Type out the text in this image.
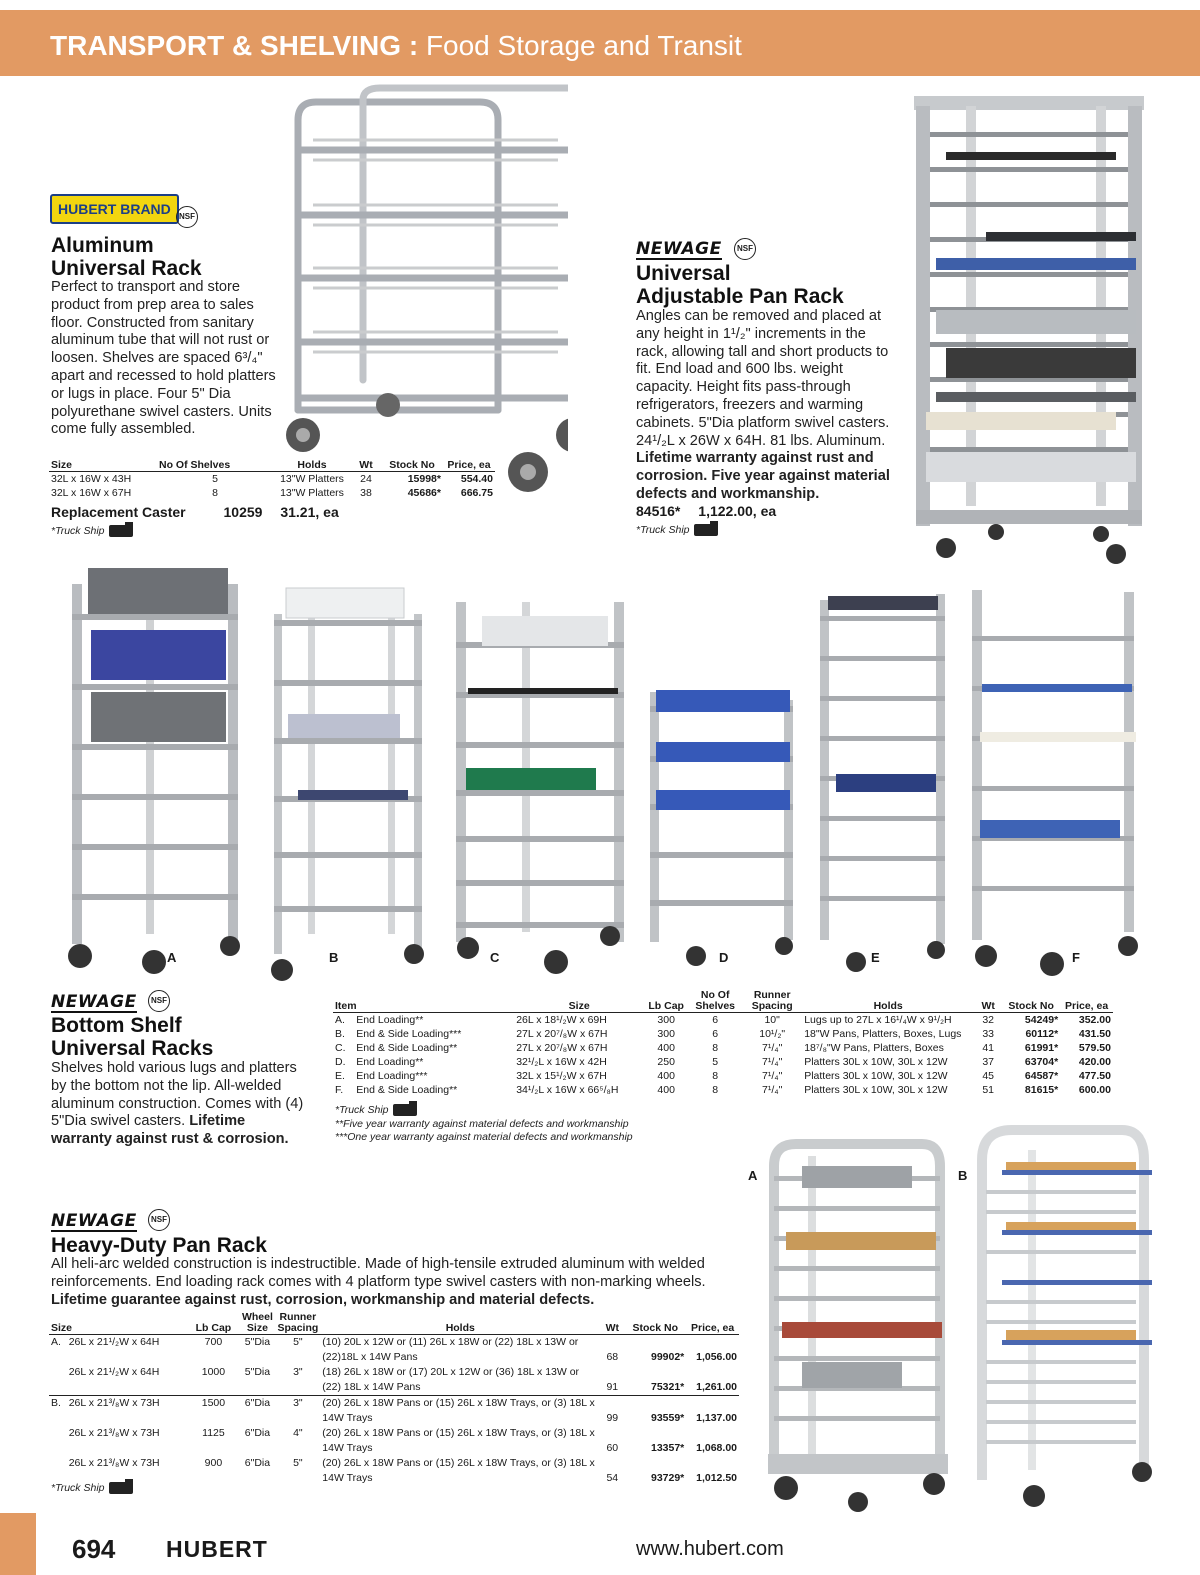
TRANSPORT & SHELVING : Food Storage and Transit
HUBERT BRAND	NSF
Aluminum
Universal Rack
Perfect to transport and store product from prep area to sales floor. Constructed from sanitary aluminum tube that will not rust or loosen. Shelves are spaced 6³/₄" apart and recessed to hold platters or lugs in place. Four 5" Dia polyurethane swivel casters. Units come fully assembled.
Size	No Of Shelves	Holds	Wt	Stock No	Price, ea
32L x 16W x 43H	5	13"W Platters	24	15998*	554.40
32L x 16W x 67H	8	13"W Platters	38	45686*	666.75
Replacement Caster	10259 31.21, ea
*Truck Ship
NEWAGE	NSF
Universal
Adjustable Pan Rack
Angles can be removed and placed at any height in 1¹/₂" increments in the rack, allowing tall and short products to fit. End load and 600 lbs. weight capacity. Height fits pass-through refrigerators, freezers and warming cabinets. 5"Dia platform swivel casters. 24¹/₂L x 26W x 64H. 81 lbs. Aluminum. Lifetime warranty against rust and corrosion. Five year against material defects and workmanship.
84516* 1,122.00, ea
*Truck Ship
A	B	C	D	E	F
NEWAGE	NSF
Bottom Shelf
Universal Racks
Shelves hold various lugs and platters by the bottom not the lip. All-welded aluminum construction. Comes with (4) 5"Dia swivel casters. Lifetime warranty against rust & corrosion.
Item		Size	Lb Cap	No Of Shelves	Runner Spacing	Holds	Wt	Stock No	Price, ea
A.	End Loading**	26L x 18¹/₂W x 69H	300	6	10"	Lugs up to 27L x 16¹/₄W x 9¹/₂H	32	54249*	352.00
B.	End & Side Loading***	27L x 20⁷/₈W x 67H	300	6	10¹/₂"	18"W Pans, Platters, Boxes, Lugs	33	60112*	431.50
C.	End & Side Loading**	27L x 20⁷/₈W x 67H	400	8	7¹/₄"	18⁷/₈"W Pans, Platters, Boxes	41	61991*	579.50
D.	End Loading**	32¹/₂L x 16W x 42H	250	5	7¹/₄"	Platters 30L x 10W, 30L x 12W	37	63704*	420.00
E.	End Loading***	32L x 15¹/₂W x 67H	400	8	7¹/₄"	Platters 30L x 10W, 30L x 12W	45	64587*	477.50
F.	End & Side Loading**	34¹/₂L x 16W x 66⁵/₈H	400	8	7¹/₄"	Platters 30L x 10W, 30L x 12W	51	81615*	600.00
*Truck Ship
**Five year warranty against material defects and workmanship
***One year warranty against material defects and workmanship
NEWAGE	NSF
Heavy-Duty Pan Rack
All heli-arc welded construction is indestructible. Made of high-tensile extruded aluminum with welded reinforcements. End loading rack comes with 4 platform type swivel casters with non-marking wheels. Lifetime guarantee against rust, corrosion, workmanship and material defects.
Size		Lb Cap	Wheel Size	Runner Spacing	Holds	Wt	Stock No	Price, ea
A.	26L x 21¹/₂W x 64H	700	5"Dia	5"	(10) 20L x 12W or (11) 26L x 18W or (22) 18L x 13W or (22)18L x 14W Pans	68	99902*	1,056.00
	26L x 21¹/₂W x 64H	1000	5"Dia	3"	(18) 26L x 18W or (17) 20L x 12W or (36) 18L x 13W or (22) 18L x 14W Pans	91	75321*	1,261.00
B.	26L x 21³/₈W x 73H	1500	6"Dia	3"	(20) 26L x 18W Pans or (15) 26L x 18W Trays, or (3) 18L x 14W Trays	99	93559*	1,137.00
	26L x 21³/₈W x 73H	1125	6"Dia	4"	(20) 26L x 18W Pans or (15) 26L x 18W Trays, or (3) 18L x 14W Trays	60	13357*	1,068.00
	26L x 21³/₈W x 73H	900	6"Dia	5"	(20) 26L x 18W Pans or (15) 26L x 18W Trays, or (3) 18L x 14W Trays	54	93729*	1,012.50
*Truck Ship
A	B
694 HUBERT	www.hubert.com
